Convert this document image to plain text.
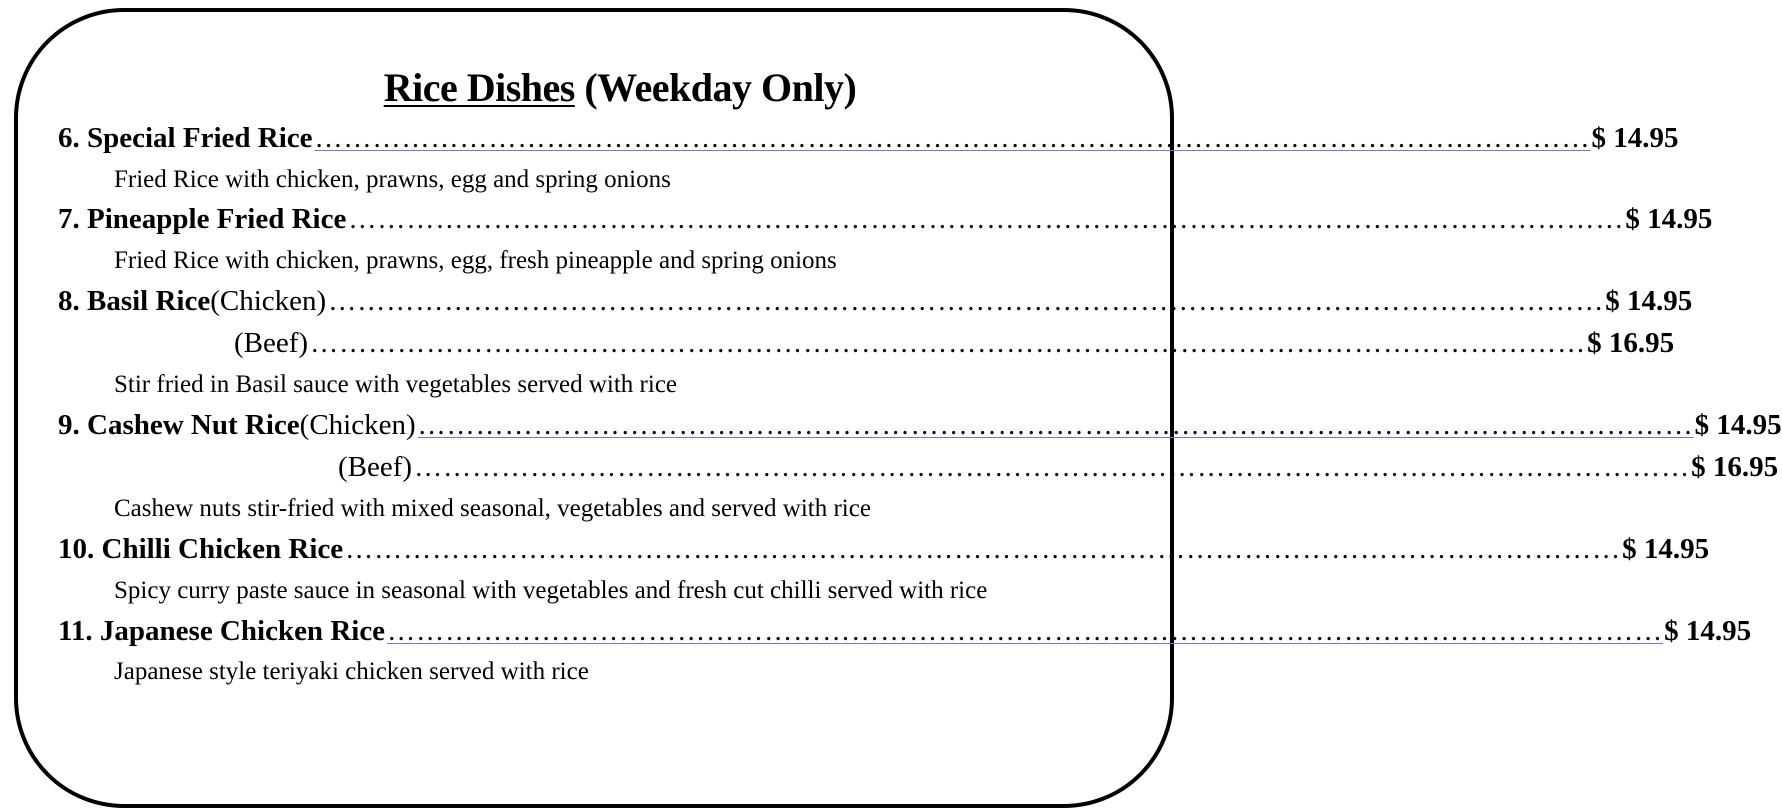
Rice Dishes (Weekday Only)
6. Special Fried Rice …………………………………………………………………………………………………………………… $ 14.95
Fried Rice with chicken, prawns, egg and spring onions
7. Pineapple Fried Rice …………………………………………………………………………………………………………………… $ 14.95
Fried Rice with chicken, prawns, egg, fresh pineapple and spring onions
8. Basil Rice (Chicken) …………………………………………………………………………………………………………………… $ 14.95
(Beef) …………………………………………………………………………………………………………………… $ 16.95
Stir fried in Basil sauce with vegetables served with rice
9. Cashew Nut Rice (Chicken) …………………………………………………………………………………………………………………… $ 14.95
(Beef) …………………………………………………………………………………………………………………… $ 16.95
Cashew nuts stir-fried with mixed seasonal, vegetables and served with rice
10. Chilli Chicken Rice …………………………………………………………………………………………………………………… $ 14.95
Spicy curry paste sauce in seasonal with vegetables and fresh cut chilli served with rice
11. Japanese Chicken Rice …………………………………………………………………………………………………………………… $ 14.95
Japanese style teriyaki chicken served with rice
